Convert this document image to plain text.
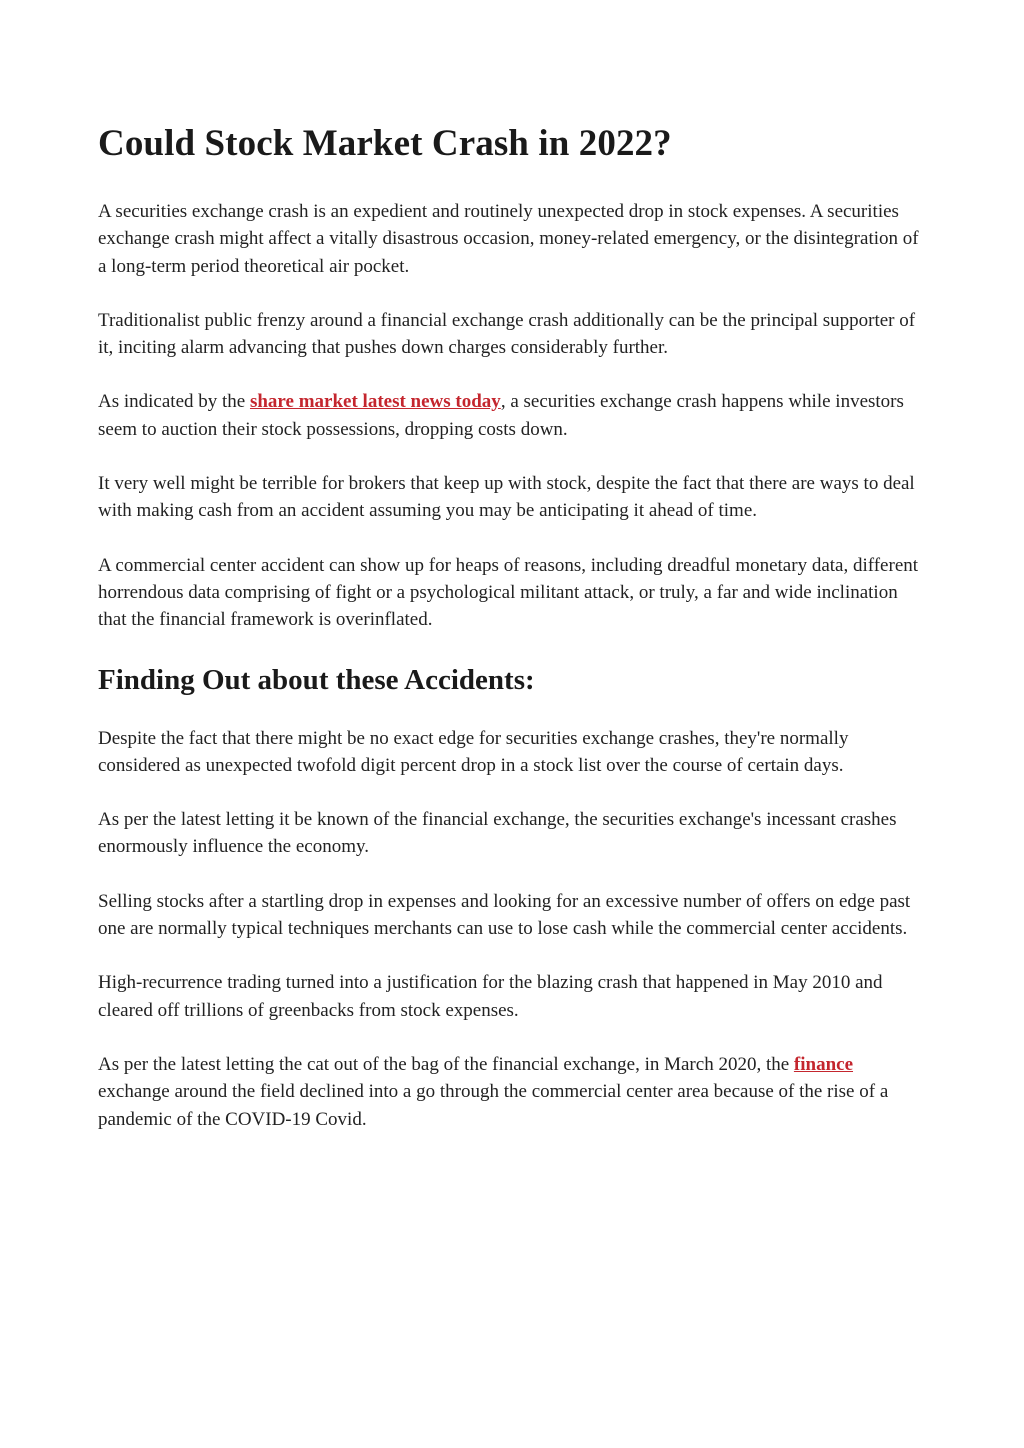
Could Stock Market Crash in 2022?

A securities exchange crash is an expedient and routinely unexpected drop in stock expenses. A securities exchange crash might affect a vitally disastrous occasion, money-related emergency, or the disintegration of a long-term period theoretical air pocket.

Traditionalist public frenzy around a financial exchange crash additionally can be the principal supporter of it, inciting alarm advancing that pushes down charges considerably further.

As indicated by the share market latest news today, a securities exchange crash happens while investors seem to auction their stock possessions, dropping costs down.

It very well might be terrible for brokers that keep up with stock, despite the fact that there are ways to deal with making cash from an accident assuming you may be anticipating it ahead of time.

A commercial center accident can show up for heaps of reasons, including dreadful monetary data, different horrendous data comprising of fight or a psychological militant attack, or truly, a far and wide inclination that the financial framework is overinflated.

Finding Out about these Accidents:

Despite the fact that there might be no exact edge for securities exchange crashes, they're normally considered as unexpected twofold digit percent drop in a stock list over the course of certain days.

As per the latest letting it be known of the financial exchange, the securities exchange's incessant crashes enormously influence the economy.

Selling stocks after a startling drop in expenses and looking for an excessive number of offers on edge past one are normally typical techniques merchants can use to lose cash while the commercial center accidents.

High-recurrence trading turned into a justification for the blazing crash that happened in May 2010 and cleared off trillions of greenbacks from stock expenses.

As per the latest letting the cat out of the bag of the financial exchange, in March 2020, the finance exchange around the field declined into a go through the commercial center area because of the rise of a pandemic of the COVID-19 Covid.
